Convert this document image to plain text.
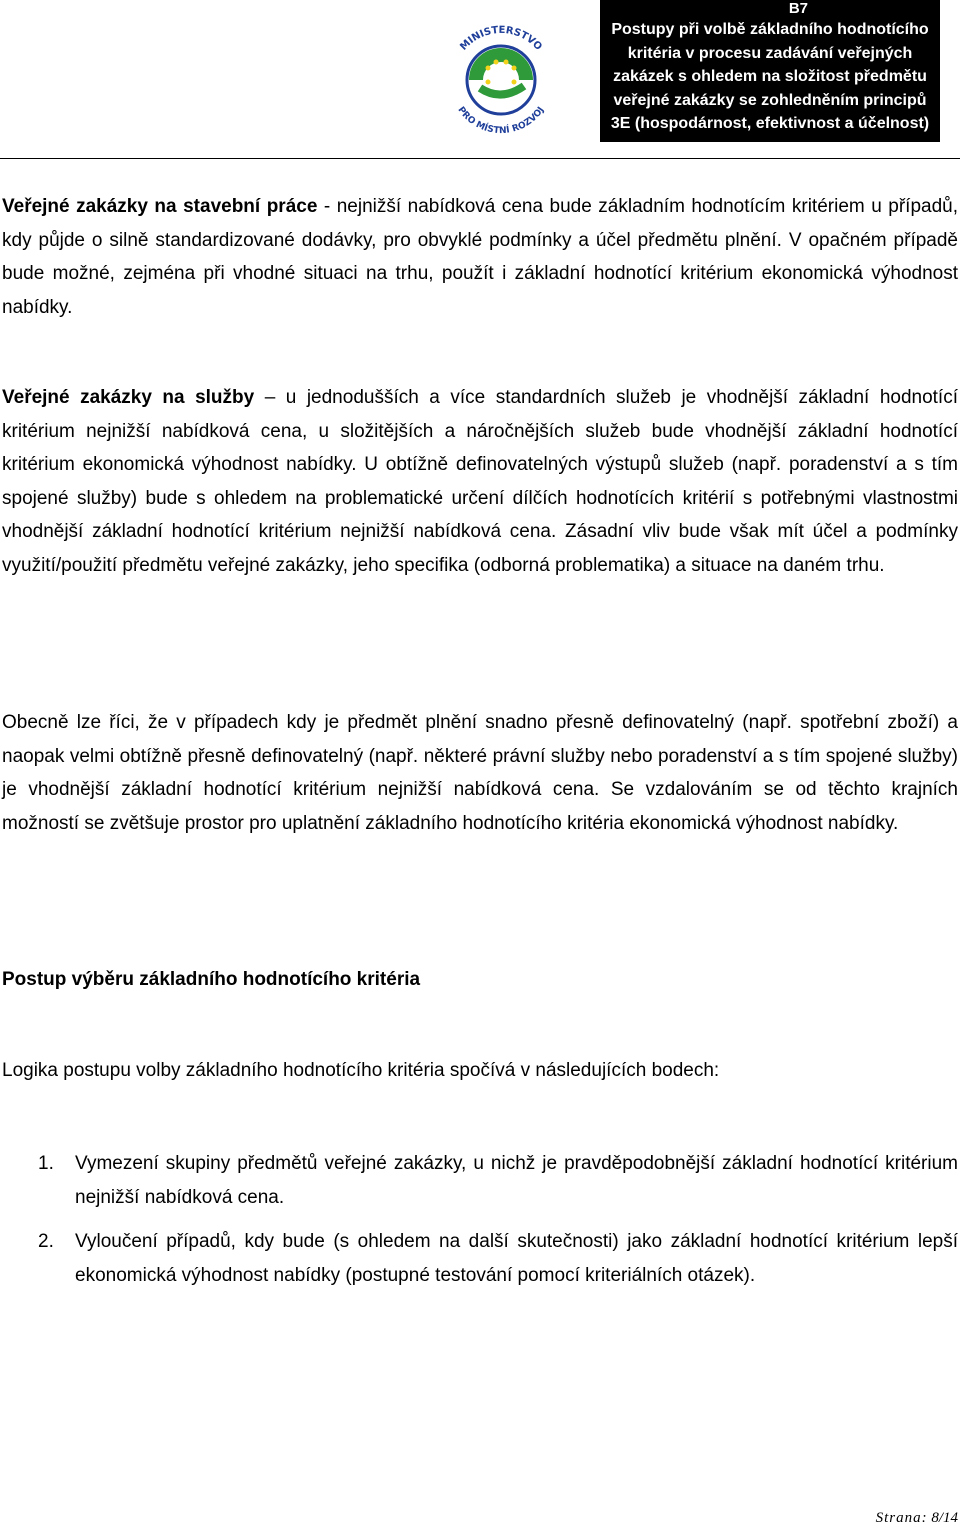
MINISTERSTVO
PRO MÍSTNÍ ROZVOJ
B7
Postupy při volbě základního hodnotícího
kritéria v procesu zadávání veřejných
zakázek s ohledem na složitost předmětu
veřejné zakázky se zohledněním principů
3E (hospodárnost, efektivnost a účelnost)
Veřejné zakázky na stavební práce - nejnižší nabídková cena bude základním hodnotícím kritériem u případů, kdy půjde o silně standardizované dodávky, pro obvyklé podmínky a účel předmětu plnění. V opačném případě bude možné, zejména při vhodné situaci na trhu, použít i základní hodnotící kritérium ekonomická výhodnost nabídky.
Veřejné zakázky na služby – u jednodušších a více standardních služeb je vhodnější základní hodnotící kritérium nejnižší nabídková cena, u složitějších a náročnějších služeb bude vhodnější základní hodnotící kritérium ekonomická výhodnost nabídky. U obtížně definovatelných výstupů služeb (např. poradenství a s tím spojené služby) bude s ohledem na problematické určení dílčích hodnotících kritérií s potřebnými vlastnostmi vhodnější základní hodnotící kritérium nejnižší nabídková cena. Zásadní vliv bude však mít účel a podmínky využití/použití předmětu veřejné zakázky, jeho specifika (odborná problematika) a situace na daném trhu.
Obecně lze říci, že v případech kdy je předmět plnění snadno přesně definovatelný (např. spotřební zboží) a naopak velmi obtížně přesně definovatelný (např. některé právní služby nebo poradenství a s tím spojené služby) je vhodnější základní hodnotící kritérium nejnižší nabídková cena. Se vzdalováním se od těchto krajních možností se zvětšuje prostor pro uplatnění základního hodnotícího kritéria ekonomická výhodnost nabídky.
Postup výběru základního hodnotícího kritéria
Logika postupu volby základního hodnotícího kritéria spočívá v následujících bodech:
1.	Vymezení skupiny předmětů veřejné zakázky, u nichž je pravděpodobnější základní hodnotící kritérium nejnižší nabídková cena.
2.	Vyloučení případů, kdy bude (s ohledem na další skutečnosti) jako základní hodnotící kritérium lepší ekonomická výhodnost nabídky (postupné testování pomocí kriteriálních otázek).
Strana: 8/14
